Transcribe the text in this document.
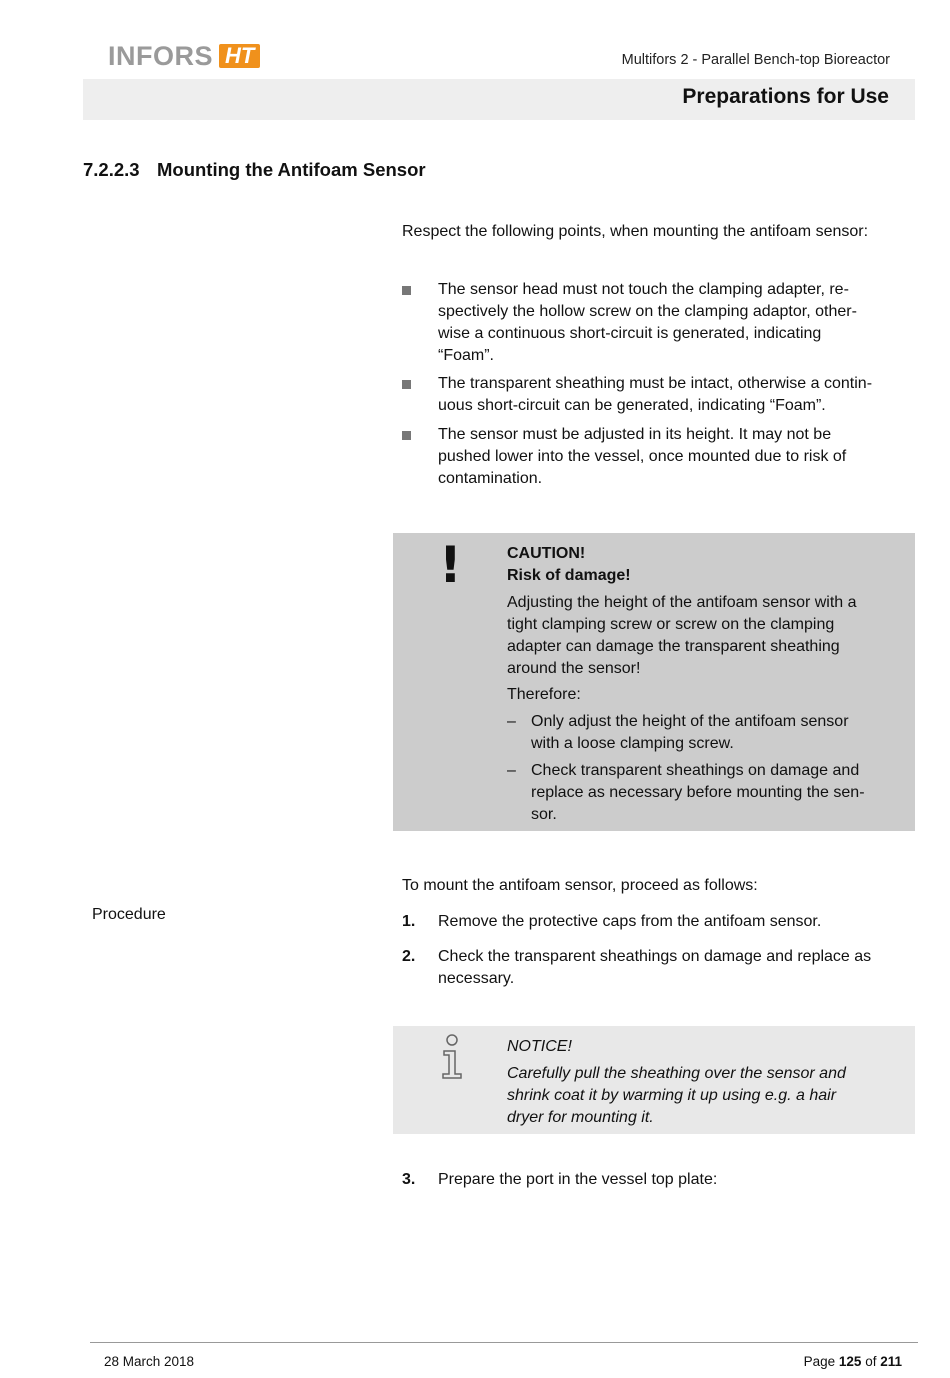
INFORS HT	Multifors 2 - Parallel Bench-top Bioreactor
Preparations for Use
7.2.2.3 Mounting the Antifoam Sensor
Respect the following points, when mounting the antifoam sensor:
The sensor head must not touch the clamping adapter, re-
spectively the hollow screw on the clamping adaptor, other-
wise a continuous short-circuit is generated, indicating
“Foam”.
The transparent sheathing must be intact, otherwise a contin-
uous short-circuit can be generated, indicating “Foam”.
The sensor must be adjusted in its height. It may not be
pushed lower into the vessel, once mounted due to risk of
contamination.
!	CAUTION!
Risk of damage!
Adjusting the height of the antifoam sensor with a
tight clamping screw or screw on the clamping
adapter can damage the transparent sheathing
around the sensor!
Therefore:
– Only adjust the height of the antifoam sensor
with a loose clamping screw.
– Check transparent sheathings on damage and
replace as necessary before mounting the sen-
sor.
To mount the antifoam sensor, proceed as follows:
Procedure	1. Remove the protective caps from the antifoam sensor.
2. Check the transparent sheathings on damage and replace as
necessary.
NOTICE!
Carefully pull the sheathing over the sensor and
shrink coat it by warming it up using e.g. a hair
dryer for mounting it.
3. Prepare the port in the vessel top plate:
28 March 2018	Page 125 of 211
